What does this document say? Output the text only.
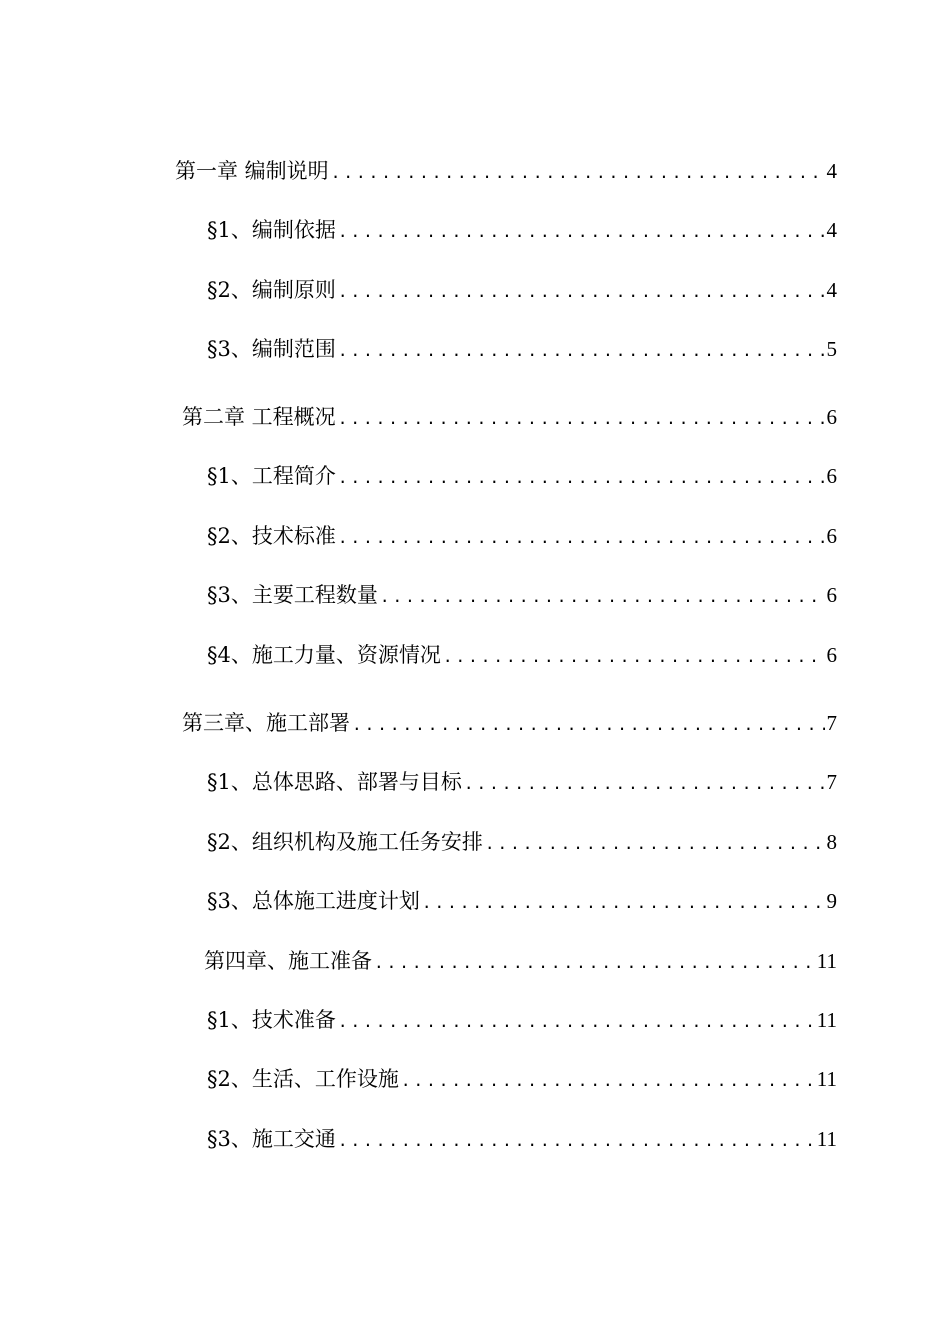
第一章 编制说明 .....	4
§1、编制依据 .....	4
§2、编制原则 .....	4
§3、编制范围 .....	5
第二章 工程概况 .....	6
§1、工程简介 .....	6
§2、技术标准 .....	6
§3、主要工程数量 .....	6
§4、施工力量、资源情况 .....	6
第三章、施工部署 .....	7
§1、总体思路、部署与目标 .....	7
§2、组织机构及施工任务安排 .....	8
§3、总体施工进度计划 .....	9
第四章、施工准备 .....	11
§1、技术准备 .....	11
§2、生活、工作设施 .....	11
§3、施工交通 .....	11
